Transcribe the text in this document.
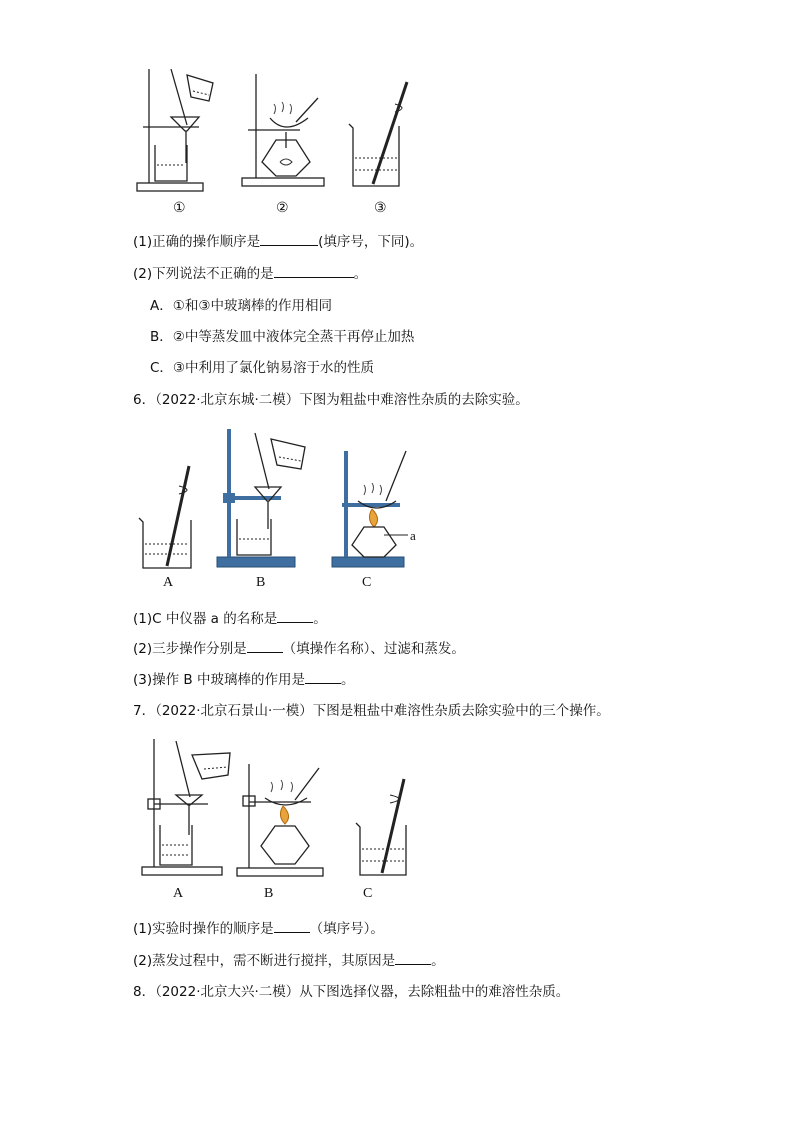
①	②	③
(1)正确的操作顺序是	(填序号，下同)。
(2)下列说法不正确的是	。
A．①和③中玻璃棒的作用相同
B．②中等蒸发皿中液体完全蒸干再停止加热
C．③中利用了氯化钠易溶于水的性质
6．（2022·北京东城·二模）下图为粗盐中难溶性杂质的去除实验。
a
A	B	C
(1)C 中仪器 a 的名称是	。
(2)三步操作分别是	（填操作名称）、过滤和蒸发。
(3)操作 B 中玻璃棒的作用是	。
7．（2022·北京石景山·一模）下图是粗盐中难溶性杂质去除实验中的三个操作。
A	B	C
(1)实验时操作的顺序是	（填序号）。
(2)蒸发过程中，需不断进行搅拌，其原因是	。
8．（2022·北京大兴·二模）从下图选择仪器，去除粗盐中的难溶性杂质。
